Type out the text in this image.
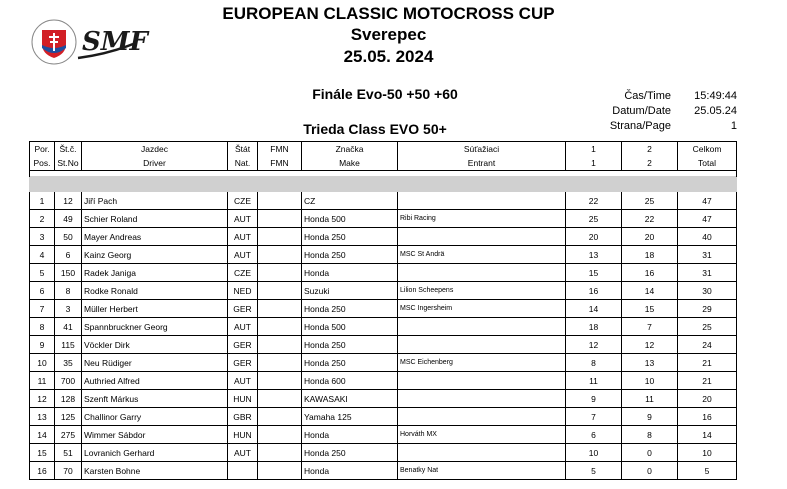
SMF
EUROPEAN CLASSIC MOTOCROSS CUP
Sverepec
25.05. 2024
Finále Evo-50 +50 +60
Trieda Class EVO 50+
Čas/Time 15:49:44
Datum/Date 25.05.24
Strana/Page	1
Por.	Št.č.	Jazdec	Štát	FMN	Značka	Súťažiaci	1	2	Celkom
Pos.	St.No	Driver	Nat.	FMN	Make	Entrant	1	2	Total

1	12	Jiří Pach	CZE		CZ		22	25	47
2	49	Schier Roland	AUT		Honda 500	Ribi Racing	25	22	47
3	50	Mayer Andreas	AUT		Honda 250		20	20	40
4	6	Kainz Georg	AUT		Honda 250	MSC St Andrä	13	18	31
5	150	Radek Janiga	CZE		Honda		15	16	31
6	8	Rodke Ronald	NED		Suzuki	Lilion Scheepens	16	14	30
7	3	Müller Herbert	GER		Honda 250	MSC Ingersheim	14	15	29
8	41	Spannbruckner Georg	AUT		Honda 500		18	7	25
9	115	Vöckler Dirk	GER		Honda 250		12	12	24
10	35	Neu Rüdiger	GER		Honda 250	MSC Eichenberg	8	13	21
11	700	Authried Alfred	AUT		Honda 600		11	10	21
12	128	Szenft Márkus	HUN		KAWASAKI		9	11	20
13	125	Challinor Garry	GBR		Yamaha 125		7	9	16
14	275	Wimmer Sábdor	HUN		Honda	Horváth MX	6	8	14
15	51	Lovranich Gerhard	AUT		Honda 250		10	0	10
16	70	Karsten Bohne			Honda	Benatky Nat	5	0	5
